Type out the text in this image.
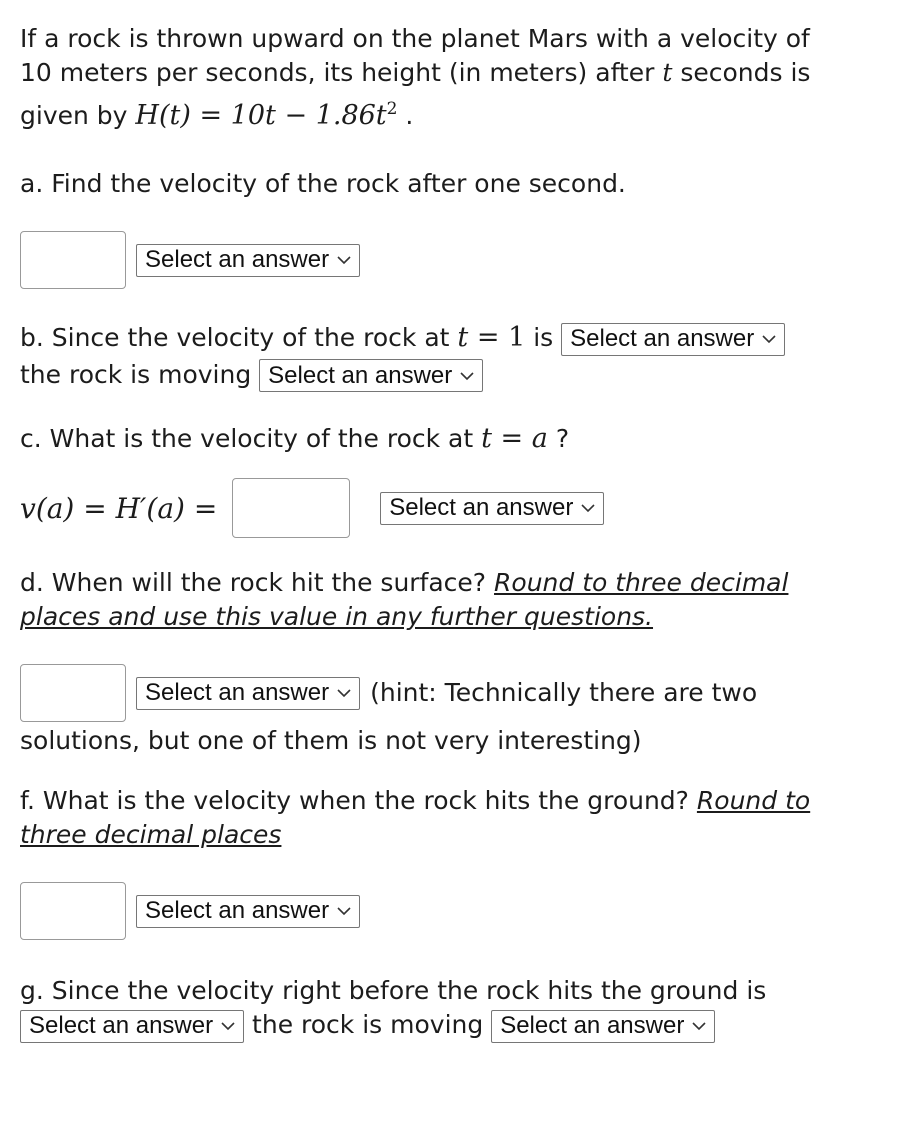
If a rock is thrown upward on the planet Mars with a velocity of

10 meters per seconds, its height (in meters) after t seconds is

given by $H(t) = 10t - 1.86t^2$ .

a. Find the velocity of the rock after one second.

Select an answer

b. Since the velocity of the rock at t = 1 is Select an answer

the rock is moving Select an answer

c. What is the velocity of the rock at t = a ?

v(a) = H′(a) =	Select an answer

d. When will the rock hit the surface? Round to three decimal

places and use this value in any further questions.

Select an answer (hint: Technically there are two

solutions, but one of them is not very interesting)

f. What is the velocity when the rock hits the ground? Round to

three decimal places

Select an answer

g. Since the velocity right before the rock hits the ground is

Select an answer the rock is moving Select an answer
